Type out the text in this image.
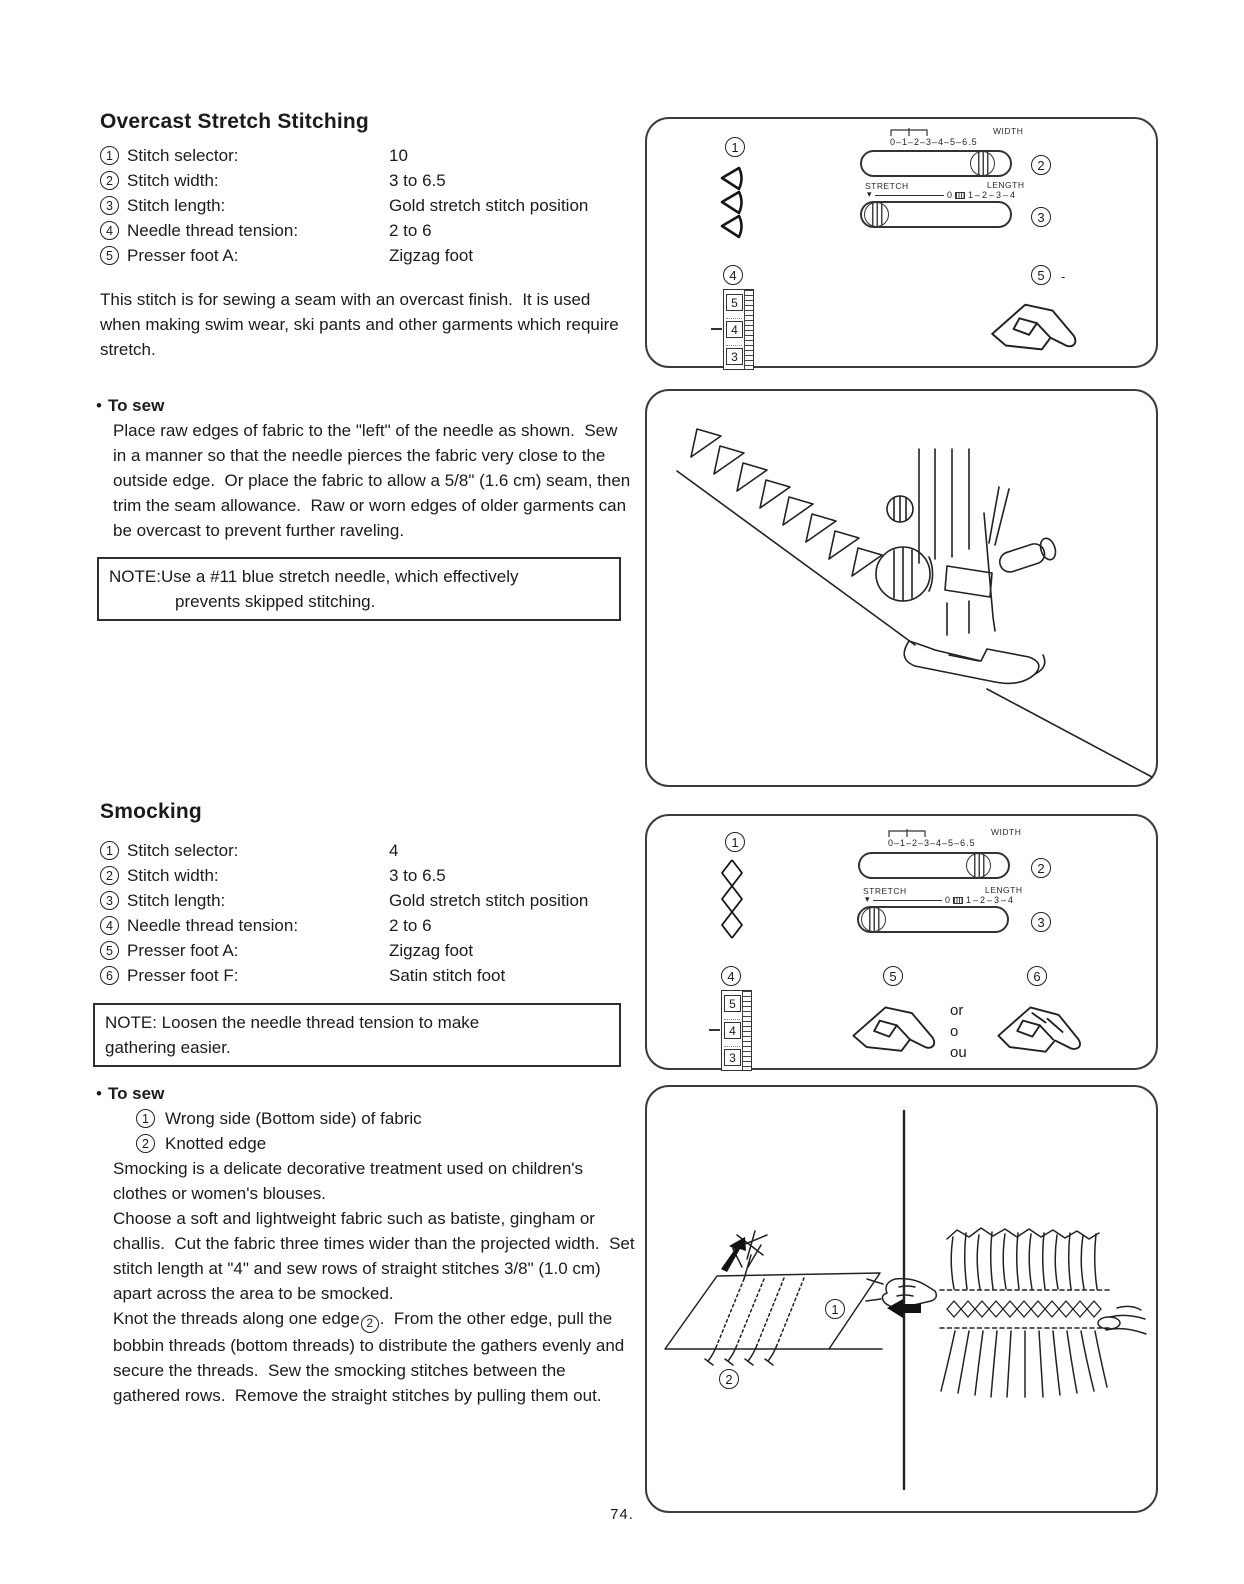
Overcast Stretch Stitching
1 Stitch selector:	10
2 Stitch width:	3 to 6.5
3 Stitch length:	Gold stretch stitch position
4 Needle thread tension:	2 to 6
5 Presser foot A:	Zigzag foot

This stitch is for sewing a seam with an overcast finish.  It is used when making swim wear, ski pants and other garments which require stretch.

• To sew

Place raw edges of fabric to the "left" of the needle as shown.  Sew in a manner so that the needle pierces the fabric very close to the outside edge.  Or place the fabric to allow a 5/8" (1.6 cm) seam, then trim the seam allowance.  Raw or worn edges of older garments can be overcast to prevent further raveling.

NOTE:Use a #11 blue stretch needle, which effectively
prevents skipped stitching.
Smocking
1 Stitch selector:	4
2 Stitch width:	3 to 6.5
3 Stitch length:	Gold stretch stitch position
4 Needle thread tension:	2 to 6
5 Presser foot A:	Zigzag foot
6 Presser foot F:	Satin stitch foot
NOTE: Loosen the needle thread tension to make
gathering easier.
• To sew
1 Wrong side (Bottom side) of fabric
2 Knotted edge

Smocking is a delicate decorative treatment used on children's clothes or women's blouses.

Choose a soft and lightweight fabric such as batiste, gingham or challis.  Cut the fabric three times wider than the projected width.  Set stitch length at "4" and sew rows of straight stitches 3/8" (1.0 cm) apart across the area to be smocked.

Knot the threads along one edge 2 .  From the other edge, pull the bobbin threads (bottom threads) to distribute the gathers evenly and secure the threads.  Sew the smocking stitches between the gathered rows.  Remove the straight stitches by pulling them out.

1
WIDTH
0–1–2–3–4–5–6.5
2
STRETCH	LENGTH
▾	0 1–2–3–4
3
4
5
4
3
5	-
1
WIDTH
0–1–2–3–4–5–6.5
2
STRETCH	LENGTH
▾	0 1–2–3–4
3
4
5
4
3
5
or
o
ou
6
1
2
74.
